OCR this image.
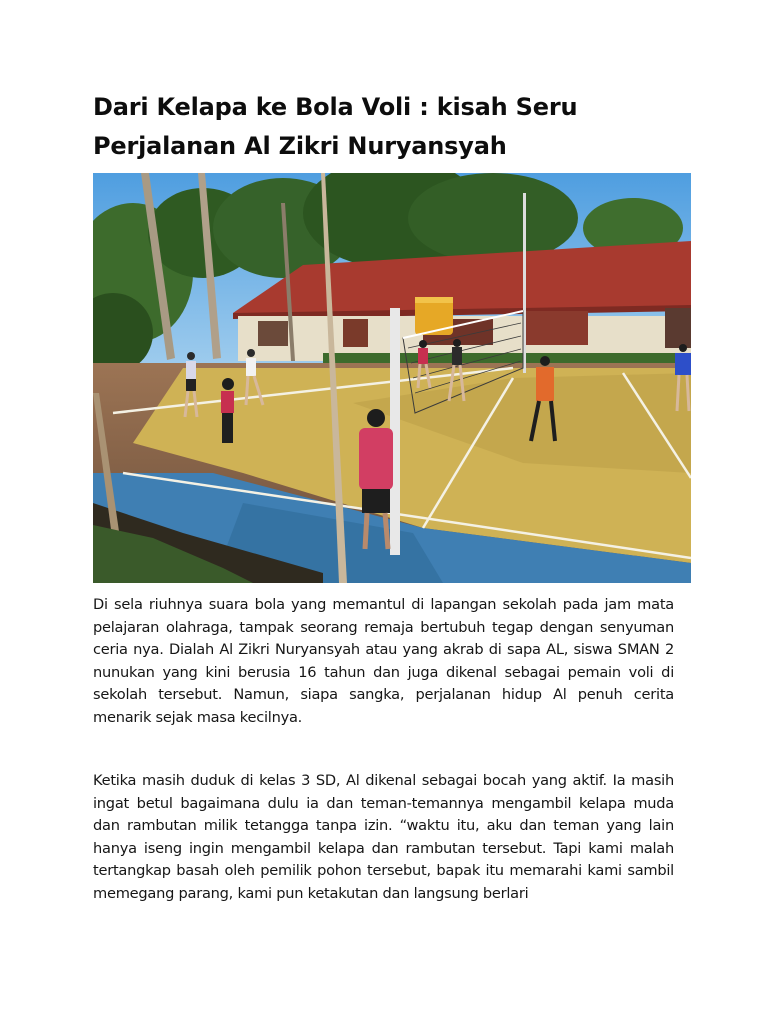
Dari Kelapa ke Bola Voli : kisah Seru Perjalanan Al Zikri Nuryansyah

Di sela riuhnya suara bola yang memantul di lapangan sekolah pada jam mata pelajaran olahraga, tampak seorang remaja bertubuh tegap dengan senyuman ceria nya. Dialah Al Zikri Nuryansyah atau yang akrab di sapa AL, siswa SMAN 2 nunukan yang kini berusia 16 tahun dan juga dikenal sebagai pemain voli di sekolah tersebut. Namun, siapa sangka, perjalanan hidup Al penuh cerita menarik sejak masa kecilnya.

Ketika masih duduk di kelas 3 SD, Al dikenal sebagai bocah yang aktif. Ia masih ingat betul bagaimana dulu ia dan teman-temannya mengambil kelapa muda dan rambutan milik tetangga tanpa izin. “waktu itu, aku dan teman yang lain hanya iseng ingin mengambil kelapa dan rambutan tersebut. Tapi kami malah tertangkap basah oleh pemilik pohon tersebut, bapak itu memarahi kami sambil memegang parang, kami pun ketakutan dan langsung berlari
